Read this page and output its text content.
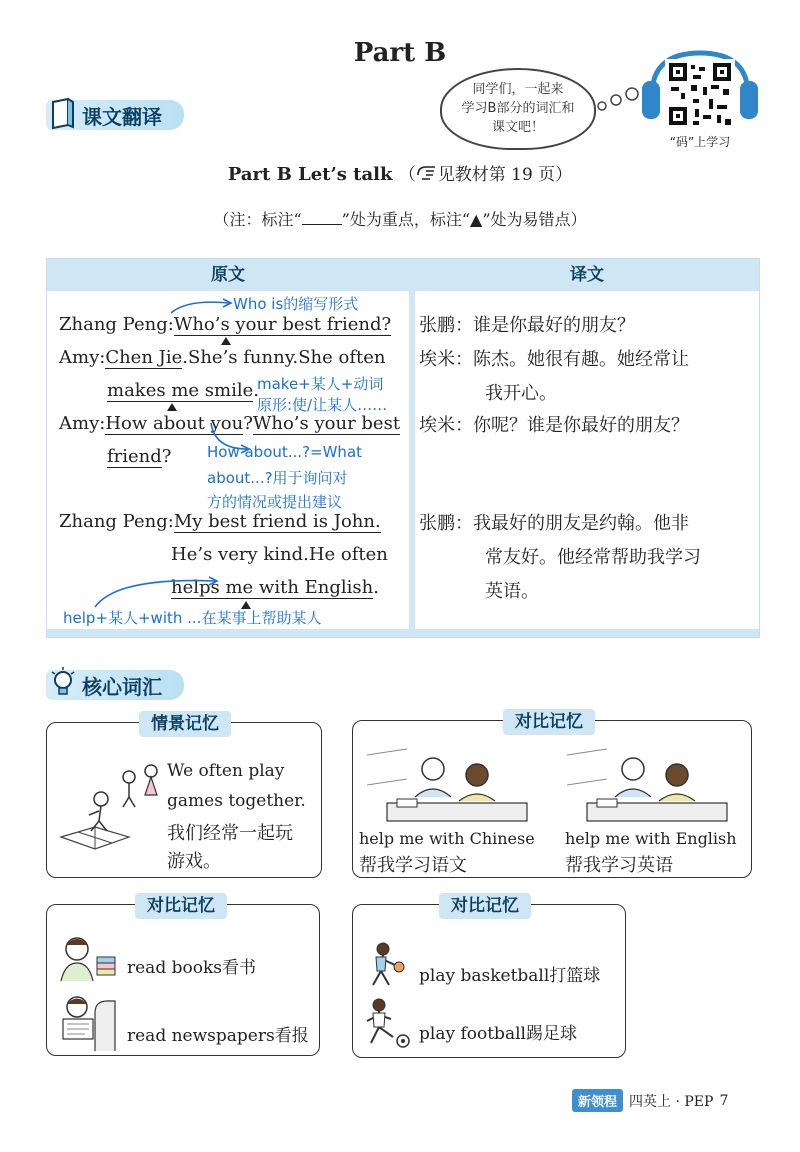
Part B
课文翻译
同学们，一起来
学习B部分的词汇和
课文吧！
“码”上学习
Part B Let’s talk （ 见教材第 19 页）
（注：标注“	”处为重点，标注“▲”处为易错点）
原文	译文
Zhang Peng:Who’s your best friend?
Amy:Chen Jie.She’s funny.She often
makes me smile.
Amy:How about you?Who’s your best
friend?
Zhang Peng:My best friend is John.
He’s very kind.He often
helps me with English.
Who is的缩写形式
make+某人+动词
原形:使/让某人……
How about...?=What
about...?用于询问对
方的情况或提出建议
help+某人+with ...在某事上帮助某人
张鹏：谁是你最好的朋友？
埃米：陈杰。她很有趣。她经常让
我开心。
埃米：你呢？谁是你最好的朋友？
张鹏：我最好的朋友是约翰。他非
常友好。他经常帮助我学习
英语。
核心词汇
情景记忆
We often play
games together.
我们经常一起玩
游戏。
对比记忆
help me with Chinese
帮我学习语文
help me with English
帮我学习英语
对比记忆
read books看书
read newspapers看报
对比记忆
play basketball打篮球
play football踢足球
新领程 四英上 · PEP 7
